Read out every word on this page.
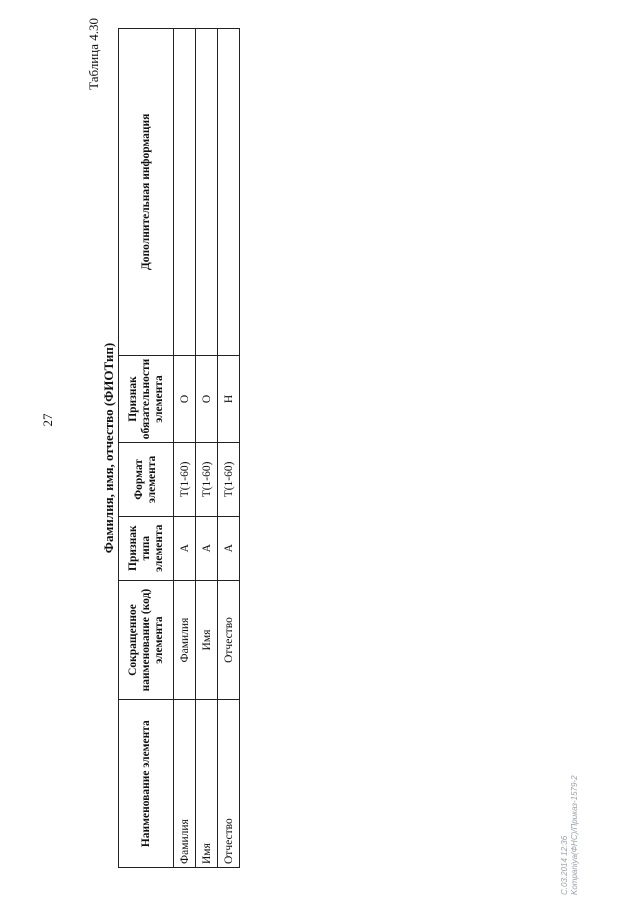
27
Таблица 4.30
Фамилия, имя, отчество (ФИОТип)
Наименование элемента	Сокращенное наименование (код) элемента	Признак типа элемента	Формат элемента	Признак обязательности элемента	Дополнительная информация
Фамилия	Фамилия	А	T(1-60)	О	
Имя	Имя	А	T(1-60)	О	
Отчество	Отчество	А	T(1-60)	Н	
С.03.2014 12:36 Kompaniya(ФНС)/Приказ-1579-2
